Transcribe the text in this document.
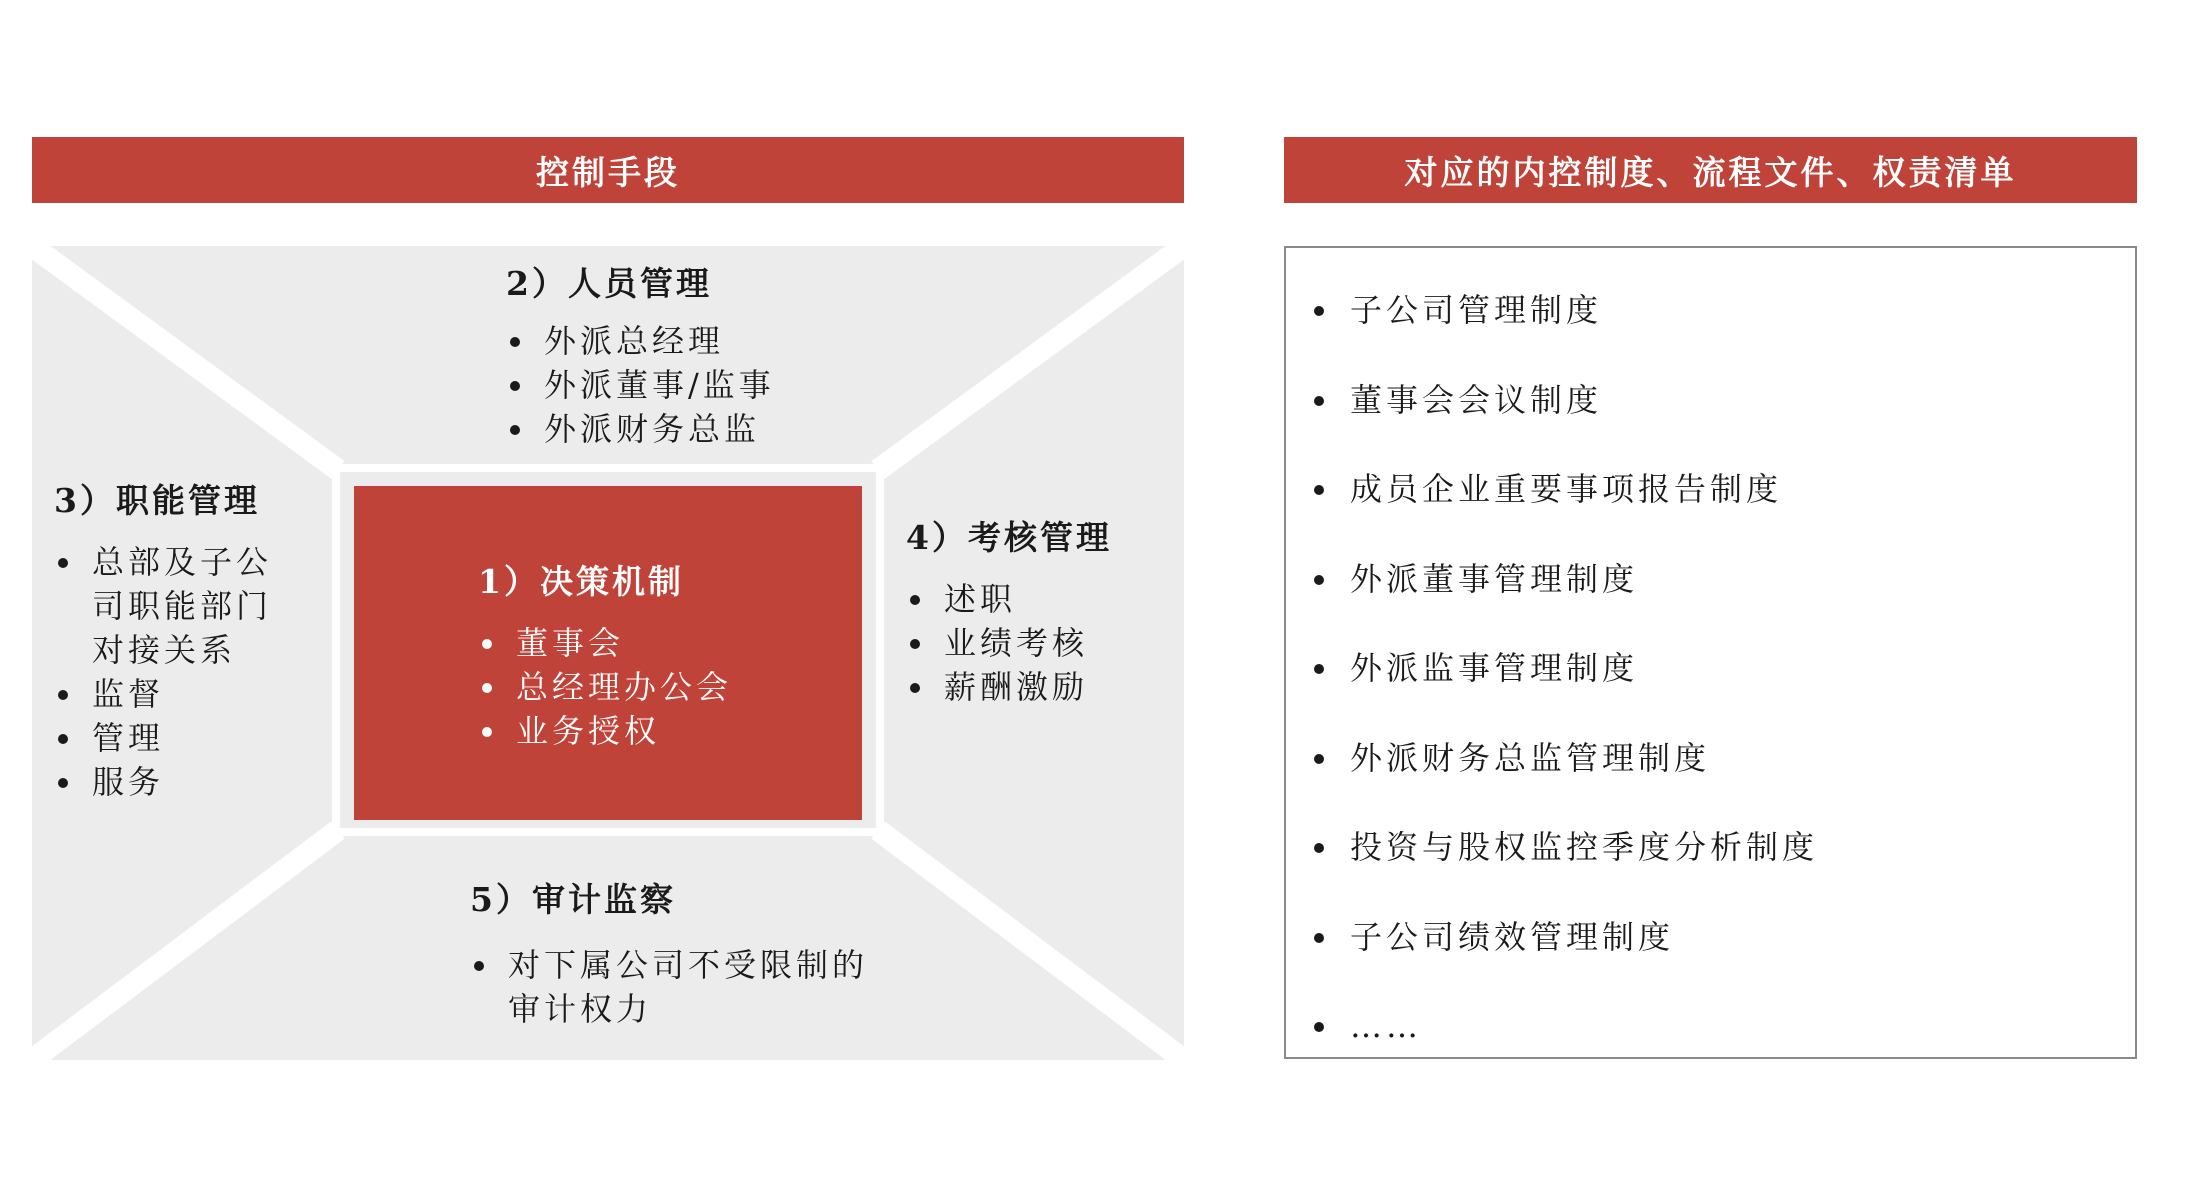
控制手段	对应的内控制度、流程文件、权责清单
2）人员管理
外派总经理
外派董事/监事
外派财务总监
3）职能管理
总部及子公司职能部门对接关系
监督
管理
服务
1）决策机制
董事会
总经理办公会
业务授权
4）考核管理
述职
业绩考核
薪酬激励
5）审计监察
对下属公司不受限制的审计权力
子公司管理制度
董事会会议制度
成员企业重要事项报告制度
外派董事管理制度
外派监事管理制度
外派财务总监管理制度
投资与股权监控季度分析制度
子公司绩效管理制度
……
